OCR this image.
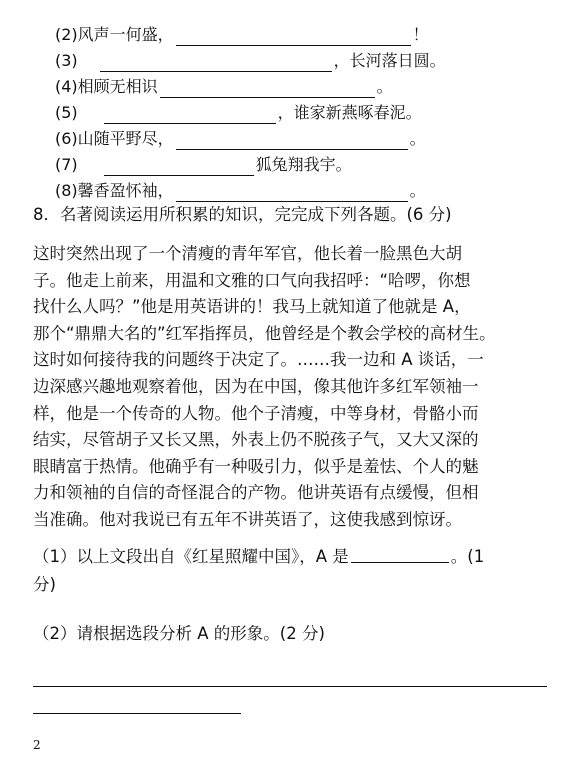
(2)风声一何盛，	！
(3)	，长河落日圆。
(4)相顾无相识	。
(5)	，谁家新燕啄春泥。
(6)山随平野尽，	。
(7)	狐兔翔我宇。
(8)馨香盈怀袖，	。
8．名著阅读运用所积累的知识，完完成下列各题。(6 分)
这时突然出现了一个清瘦的青年军官，他长着一脸黑色大胡
子。他走上前来，用温和文雅的口气向我招呼：“哈啰，你想
找什么人吗？”他是用英语讲的！我马上就知道了他就是 A，
那个“鼎鼎大名的”红军指挥员，他曾经是个教会学校的高材生。
这时如何接待我的问题终于决定了。……我一边和 A 谈话，一
边深感兴趣地观察着他，因为在中国，像其他许多红军领袖一
样，他是一个传奇的人物。他个子清瘦，中等身材，骨骼小而
结实，尽管胡子又长又黑，外表上仍不脱孩子气，又大又深的
眼睛富于热情。他确乎有一种吸引力，似乎是羞怯、个人的魅
力和领袖的自信的奇怪混合的产物。他讲英语有点缓慢，但相
当准确。他对我说已有五年不讲英语了，这使我感到惊讶。
（1）以上文段出自《红星照耀中国》，A 是	。(1
分)
（2）请根据选段分析 A 的形象。(2 分)
2
